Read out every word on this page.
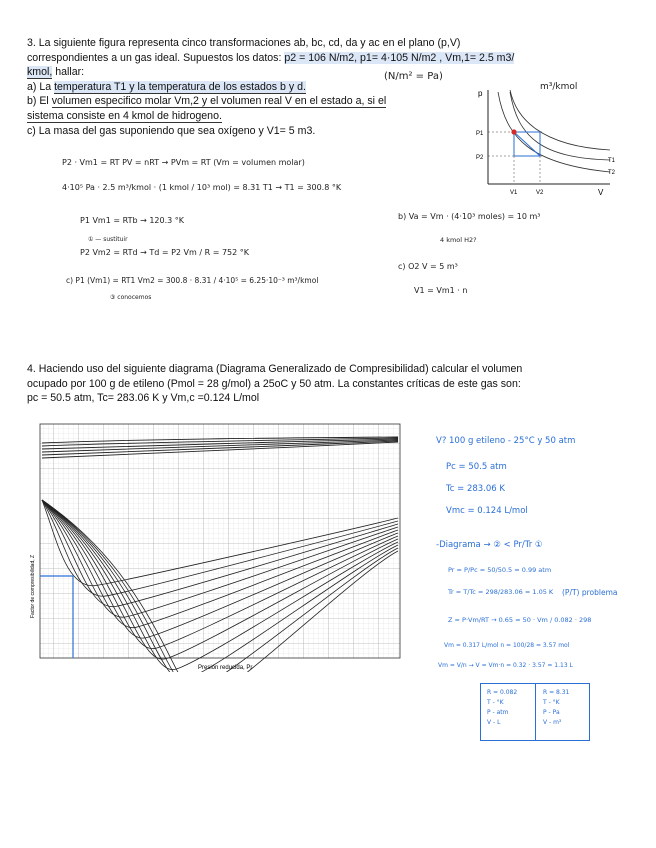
3. La siguiente figura representa cinco transformaciones ab, bc, cd, da y ac en el plano (p,V)
correspondientes a un gas ideal. Supuestos los datos: p2 = 106 N/m2, p1= 4·105 N/m2 , Vm,1= 2.5 m3/
kmol, hallar:
a) La temperatura T1 y la temperatura de los estados b y d.
b) El volumen especifico molar Vm,2 y el volumen real V en el estado a, si el
sistema consiste en 4 kmol de hidrogeno.
c) La masa del gas suponiendo que sea oxígeno y V1= 5 m3.
(N/m² = Pa)
p
V
V1	V2
P1
P2	T1
T2
m³/kmol
P2 · Vm1 = RT PV = nRT → PVm = RT (Vm = volumen molar)
4·10⁵ Pa · 2.5 m³/kmol · (1 kmol / 10³ mol) = 8.31 T1 → T1 = 300.8 °K
P1 Vm1 = RTb → 120.3 °K
① — sustituir
P2 Vm2 = RTd → Td = P2 Vm / R = 752 °K
c) P1 (Vm1) = RT1 Vm2 = 300.8 · 8.31 / 4·10⁵ = 6.25·10⁻³ m³/kmol
③ conocemos
b) Va = Vm · (4·10³ moles) = 10 m³
4 kmol H2?
c) O2 V = 5 m³
V1 = Vm1 · n
4. Haciendo uso del siguiente diagrama (Diagrama Generalizado de Compresibilidad) calcular el volumen
ocupado por 100 g de etileno (Pmol = 28 g/mol) a 25oC y 50 atm. La constantes críticas de este gas son:
pc = 50.5 atm, Tc= 283.06 K y Vm,c =0.124 L/mol
Presión reducida, Pr
Factor de compresibilidad, Z
V? 100 g etileno - 25°C y 50 atm
Pc = 50.5 atm
Tc = 283.06 K
Vmc = 0.124 L/mol
-Diagrama → ② < Pr/Tr ①
Pr = P/Pc = 50/50.5 = 0.99 atm
Tr = T/Tc = 298/283.06 = 1.05 K (P/T) problema
Z = P·Vm/RT → 0.65 = 50 · Vm / 0.082 · 298
Vm = 0.317 L/mol n = 100/28 = 3.57 mol
Vm = V/n → V = Vm·n = 0.32 · 3.57 = 1.13 L
R = 0.082
T - °K
P - atm
V - L
R = 8.31
T - °K
P - Pa
V - m³
